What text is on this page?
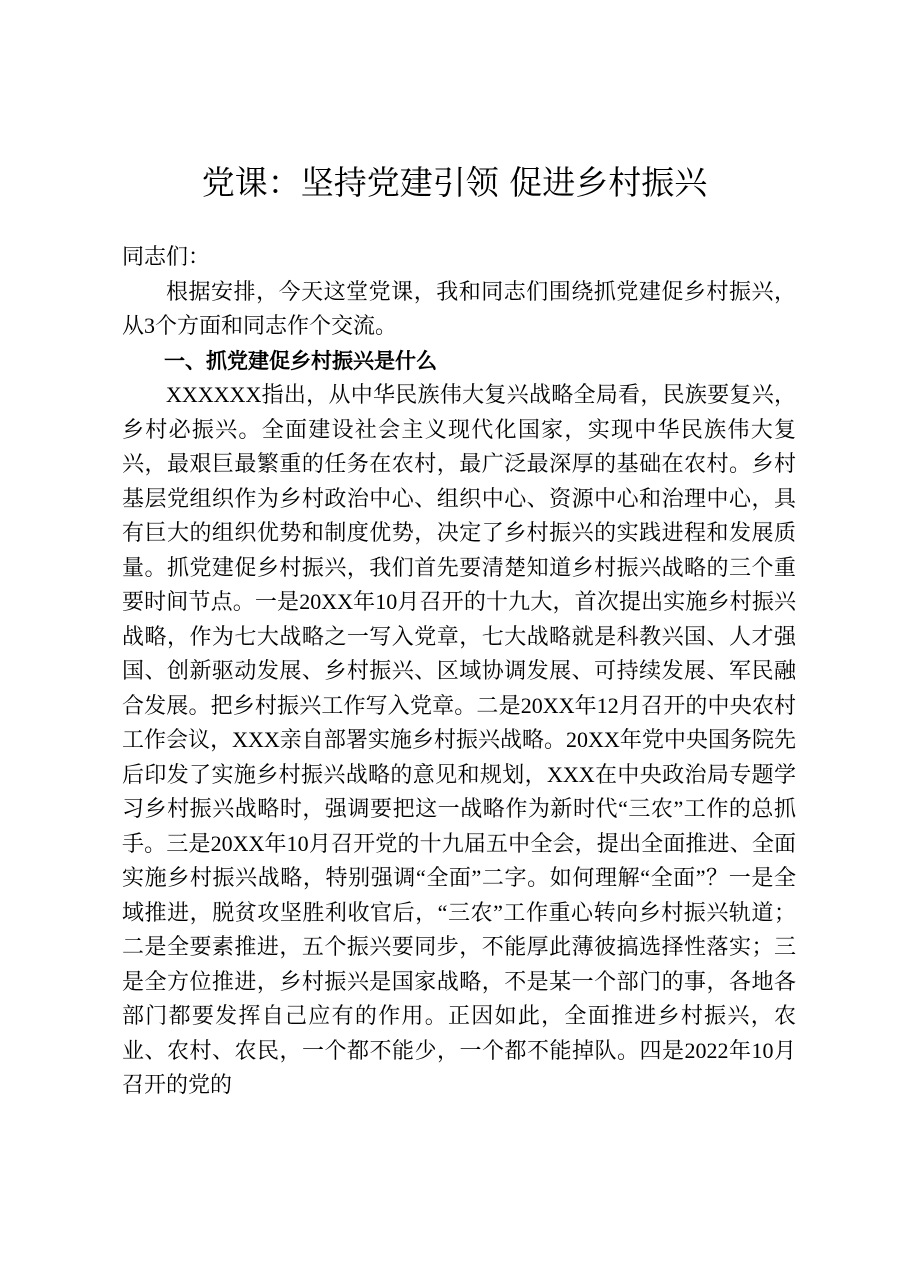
党课：坚持党建引领 促进乡村振兴

同志们：

根据安排，今天这堂党课，我和同志们围绕抓党建促乡村振兴，从3个方面和同志作个交流。

一、抓党建促乡村振兴是什么

XXXXXX指出，从中华民族伟大复兴战略全局看，民族要复兴，乡村必振兴。全面建设社会主义现代化国家，实现中华民族伟大复兴，最艰巨最繁重的任务在农村，最广泛最深厚的基础在农村。乡村基层党组织作为乡村政治中心、组织中心、资源中心和治理中心，具有巨大的组织优势和制度优势，决定了乡村振兴的实践进程和发展质量。抓党建促乡村振兴，我们首先要清楚知道乡村振兴战略的三个重要时间节点。一是20XX年10月召开的十九大，首次提出实施乡村振兴战略，作为七大战略之一写入党章，七大战略就是科教兴国、人才强国、创新驱动发展、乡村振兴、区域协调发展、可持续发展、军民融合发展。把乡村振兴工作写入党章。二是20XX年12月召开的中央农村工作会议，XXX亲自部署实施乡村振兴战略。20XX年党中央国务院先后印发了实施乡村振兴战略的意见和规划，XXX在中央政治局专题学习乡村振兴战略时，强调要把这一战略作为新时代“三农”工作的总抓手。三是20XX年10月召开党的十九届五中全会，提出全面推进、全面实施乡村振兴战略，特别强调“全面”二字。如何理解“全面”？一是全域推进，脱贫攻坚胜利收官后，“三农”工作重心转向乡村振兴轨道；二是全要素推进，五个振兴要同步，不能厚此薄彼搞选择性落实；三是全方位推进，乡村振兴是国家战略，不是某一个部门的事，各地各部门都要发挥自己应有的作用。正因如此，全面推进乡村振兴，农业、农村、农民，一个都不能少，一个都不能掉队。四是2022年10月召开的党的
